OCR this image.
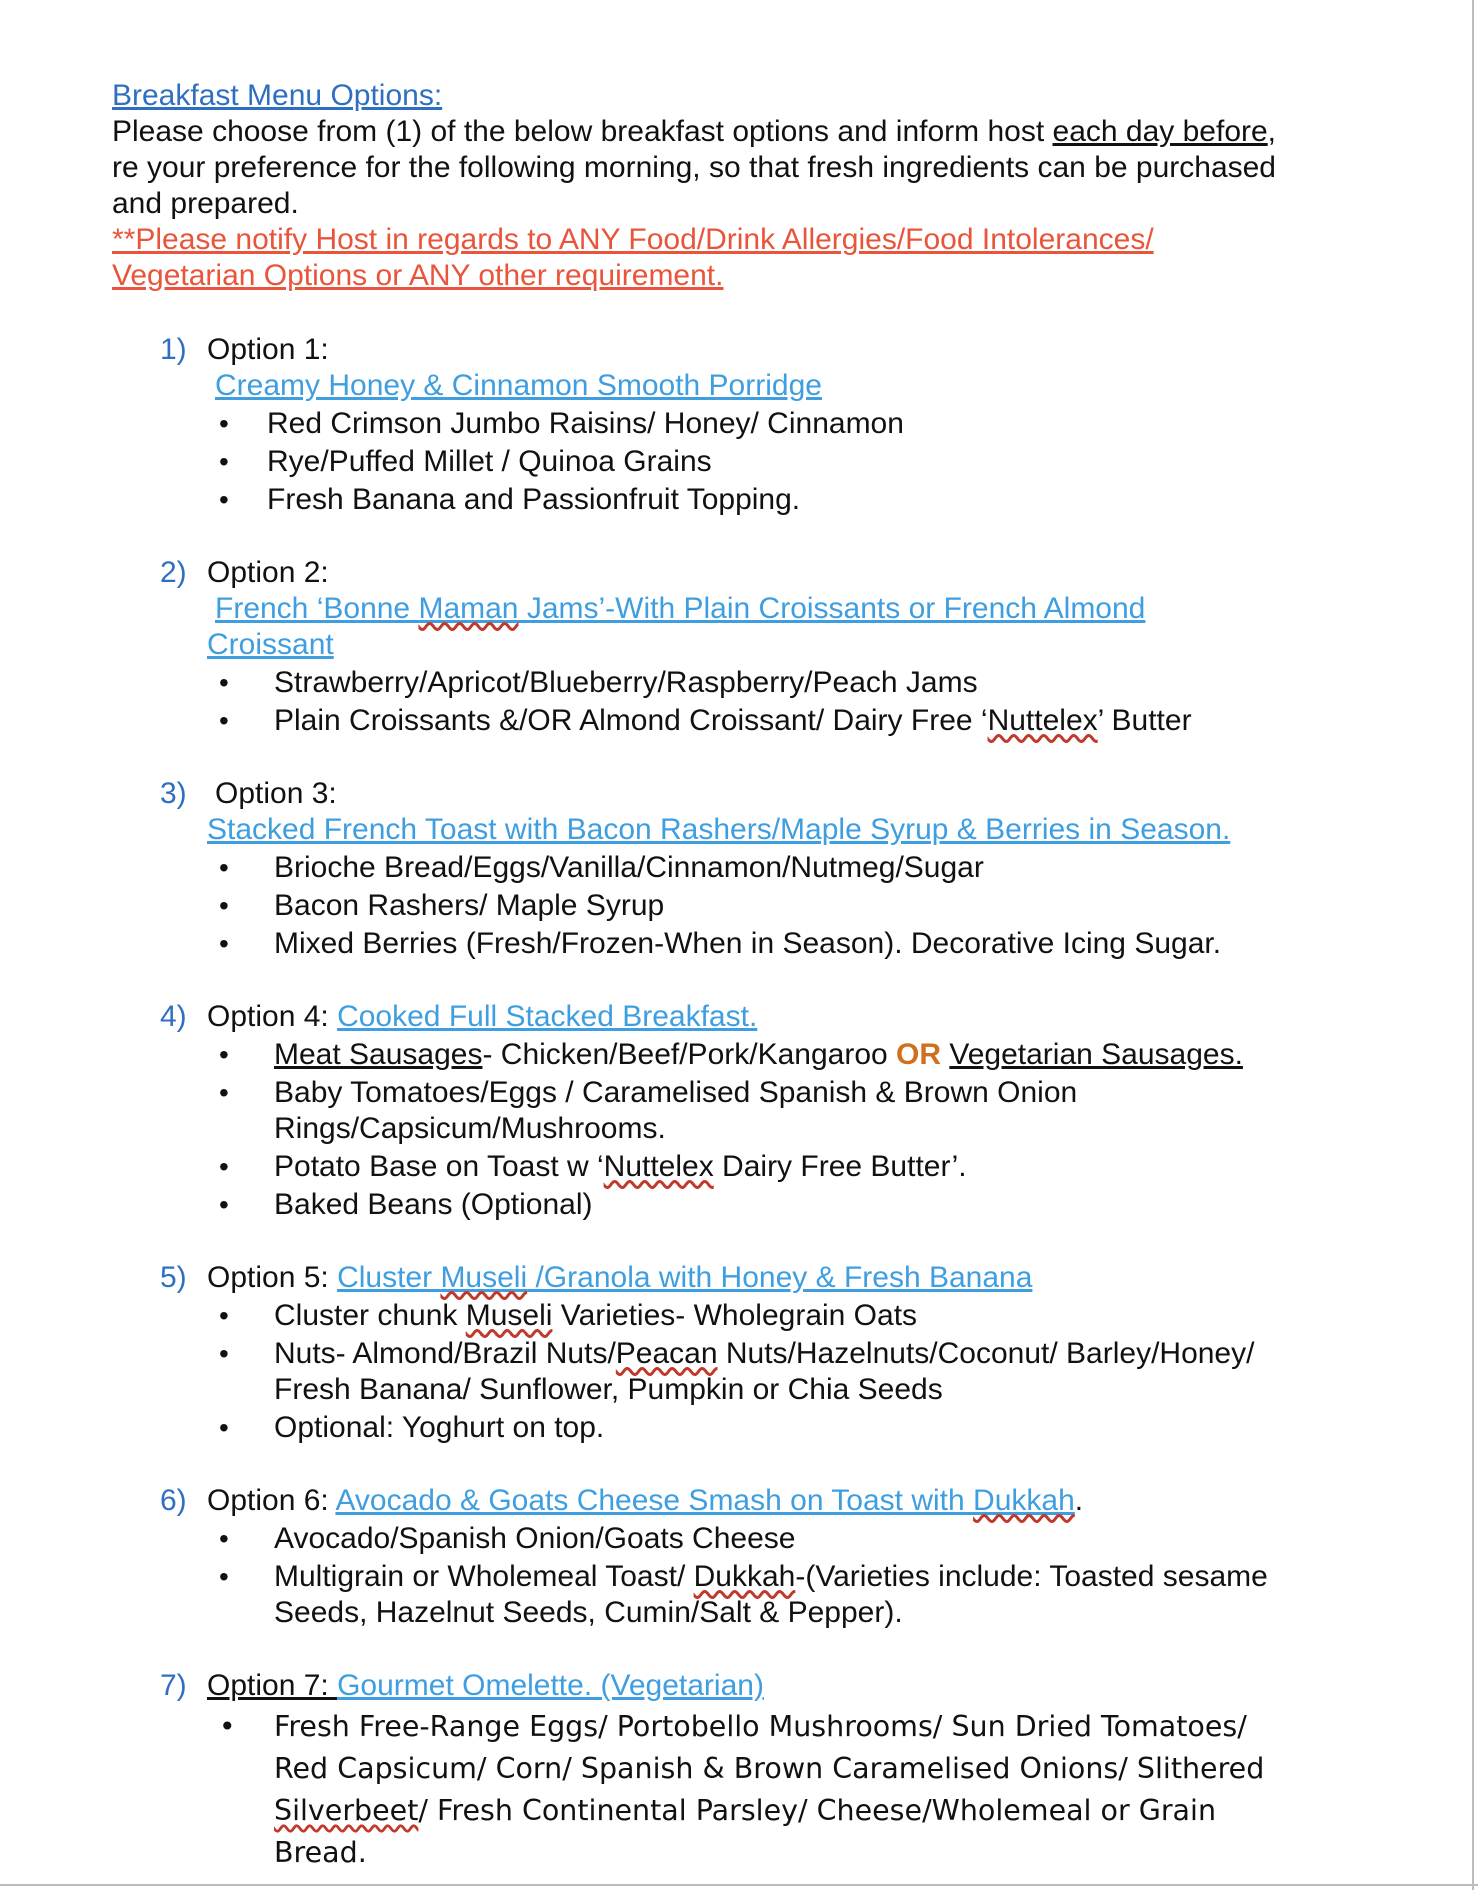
Breakfast Menu Options:

Please choose from (1) of the below breakfast options and inform host each day before, re your preference for the following morning, so that fresh ingredients can be purchased and prepared.

**Please notify Host in regards to ANY Food/Drink Allergies/Food Intolerances/ Vegetarian Options or ANY other requirement.

1) Option 1:

Creamy Honey & Cinnamon Smooth Porridge
• Red Crimson Jumbo Raisins/ Honey/ Cinnamon
• Rye/Puffed Millet / Quinoa Grains
• Fresh Banana and Passionfruit Topping.
2) Option 2:

French ‘Bonne Maman Jams’-With Plain Croissants or French Almond
Croissant
• Strawberry/Apricot/Blueberry/Raspberry/Peach Jams
• Plain Croissants &/OR Almond Croissant/ Dairy Free ‘Nuttelex’ Butter
3) Option 3:

Stacked French Toast with Bacon Rashers/Maple Syrup & Berries in Season.
• Brioche Bread/Eggs/Vanilla/Cinnamon/Nutmeg/Sugar
• Bacon Rashers/ Maple Syrup
• Mixed Berries (Fresh/Frozen-When in Season). Decorative Icing Sugar.
4) Option 4: Cooked Full Stacked Breakfast.

• Meat Sausages- Chicken/Beef/Pork/Kangaroo OR Vegetarian Sausages.
• Baby Tomatoes/Eggs / Caramelised Spanish & Brown Onion Rings/Capsicum/Mushrooms.
• Potato Base on Toast w ‘Nuttelex Dairy Free Butter’.
• Baked Beans (Optional)
5) Option 5: Cluster Museli /Granola with Honey & Fresh Banana

• Cluster chunk Museli Varieties- Wholegrain Oats
• Nuts- Almond/Brazil Nuts/Peacan Nuts/Hazelnuts/Coconut/ Barley/Honey/ Fresh Banana/ Sunflower, Pumpkin or Chia Seeds
• Optional: Yoghurt on top.
6) Option 6: Avocado & Goats Cheese Smash on Toast with Dukkah.

• Avocado/Spanish Onion/Goats Cheese
• Multigrain or Wholemeal Toast/ Dukkah-(Varieties include: Toasted sesame Seeds, Hazelnut Seeds, Cumin/Salt & Pepper).
7) Option 7: Gourmet Omelette. (Vegetarian)

• Fresh Free-Range Eggs/ Portobello Mushrooms/ Sun Dried Tomatoes/ Red Capsicum/ Corn/ Spanish & Brown Caramelised Onions/ Slithered Silverbeet/ Fresh Continental Parsley/ Cheese/Wholemeal or Grain Bread.
